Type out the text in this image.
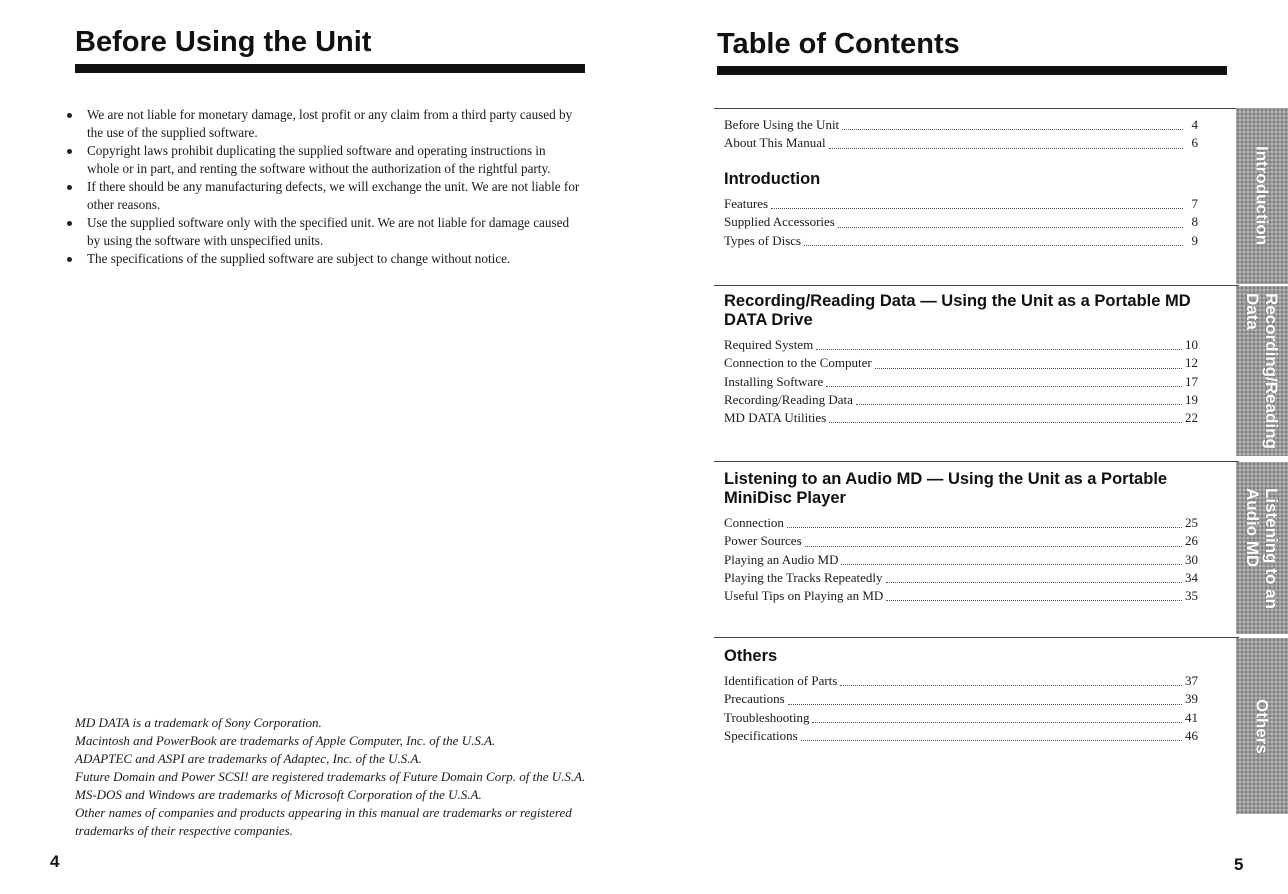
Before Using the Unit
We are not liable for monetary damage, lost profit or any claim from a third party caused by the use of the supplied software.
Copyright laws prohibit duplicating the supplied software and operating instructions in whole or in part, and renting the software without the authorization of the rightful party.
If there should be any manufacturing defects, we will exchange the unit. We are not liable for other reasons.
Use the supplied software only with the specified unit. We are not liable for damage caused by using the software with unspecified units.
The specifications of the supplied software are subject to change without notice.

MD DATA is a trademark of Sony Corporation.

Macintosh and PowerBook are trademarks of Apple Computer, Inc. of the U.S.A.

ADAPTEC and ASPI are trademarks of Adaptec, Inc. of the U.S.A.

Future Domain and Power SCSI! are registered trademarks of Future Domain Corp. of the U.S.A.

MS-DOS and Windows are trademarks of Microsoft Corporation of the U.S.A.

Other names of companies and products appearing in this manual are trademarks or registered trademarks of their respective companies.

4
Table of Contents
Before Using the Unit	4
About This Manual	6
Introduction
Features	7
Supplied Accessories	8
Types of Discs	9	Introduction
Recording/Reading Data — Using the Unit as a Portable MD DATA Drive
Required System	10
Connection to the Computer	12
Installing Software	17
Recording/Reading Data	19
MD DATA Utilities	22	Recording/Reading
Data
Listening to an Audio MD — Using the Unit as a Portable MiniDisc Player
Connection	25
Power Sources	26
Playing an Audio MD	30
Playing the Tracks Repeatedly	34
Useful Tips on Playing an MD	35
Listening to an
Audio MD
Others
Identification of Parts	37
Precautions	39
Troubleshooting	41
Specifications	46	Others
5
